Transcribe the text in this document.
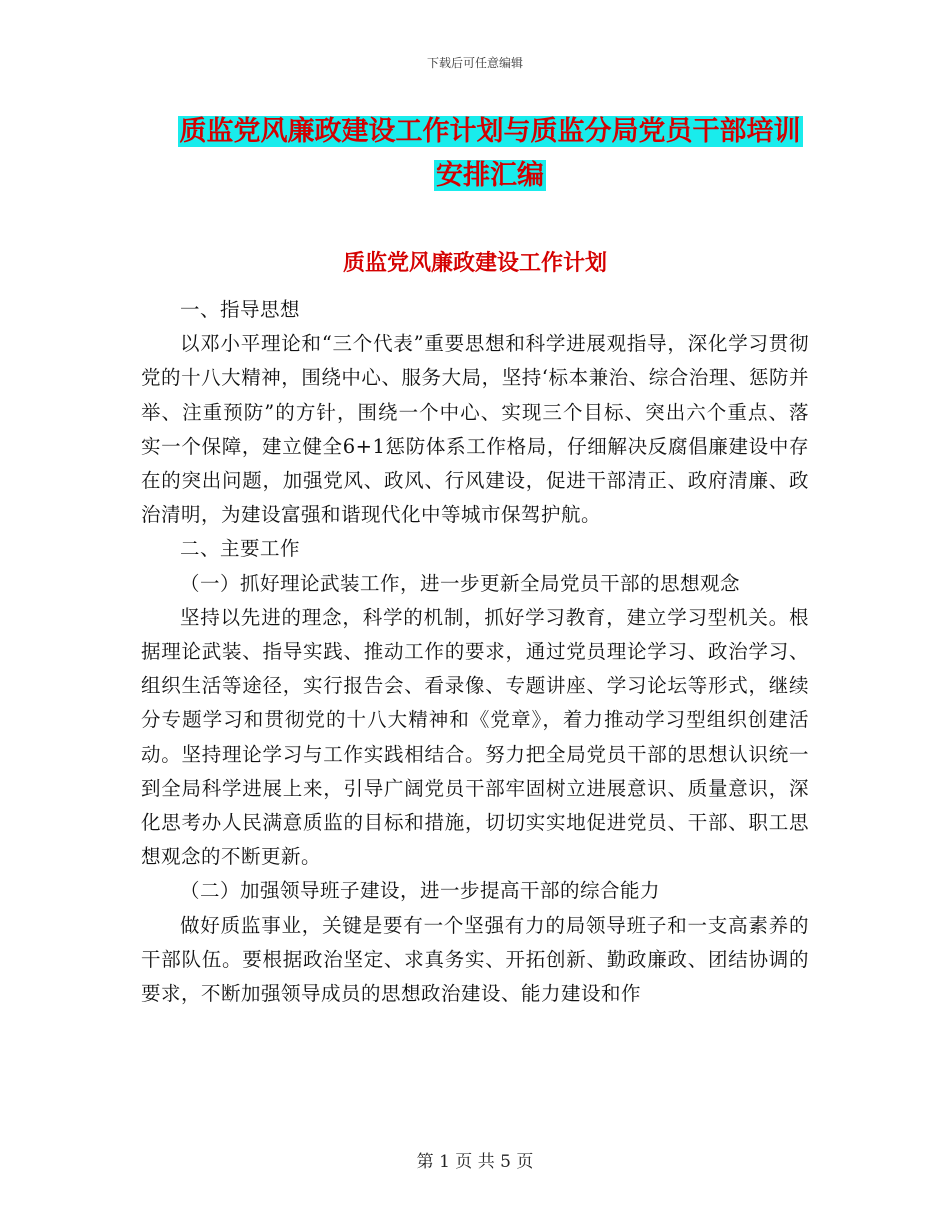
下载后可任意编辑
质监党风廉政建设工作计划与质监分局党员干部培训
安排汇编
质监党风廉政建设工作计划

一、指导思想

以邓小平理论和“三个代表”重要思想和科学进展观指导，深化学习贯彻党的十八大精神，围绕中心、服务大局，坚持‘标本兼治、综合治理、惩防并举、注重预防”的方针，围绕一个中心、实现三个目标、突出六个重点、落实一个保障，建立健全6+1惩防体系工作格局，仔细解决反腐倡廉建设中存在的突出问题，加强党风、政风、行风建设，促进干部清正、政府清廉、政治清明，为建设富强和谐现代化中等城市保驾护航。

二、主要工作

（一）抓好理论武装工作，进一步更新全局党员干部的思想观念

坚持以先进的理念，科学的机制，抓好学习教育，建立学习型机关。根据理论武装、指导实践、推动工作的要求，通过党员理论学习、政治学习、组织生活等途径，实行报告会、看录像、专题讲座、学习论坛等形式，继续分专题学习和贯彻党的十八大精神和《党章》，着力推动学习型组织创建活动。坚持理论学习与工作实践相结合。努力把全局党员干部的思想认识统一到全局科学进展上来，引导广阔党员干部牢固树立进展意识、质量意识，深化思考办人民满意质监的目标和措施，切切实实地促进党员、干部、职工思想观念的不断更新。

（二）加强领导班子建设，进一步提高干部的综合能力

做好质监事业，关键是要有一个坚强有力的局领导班子和一支高素养的干部队伍。要根据政治坚定、求真务实、开拓创新、勤政廉政、团结协调的要求，不断加强领导成员的思想政治建设、能力建设和作

第 1 页 共 5 页
